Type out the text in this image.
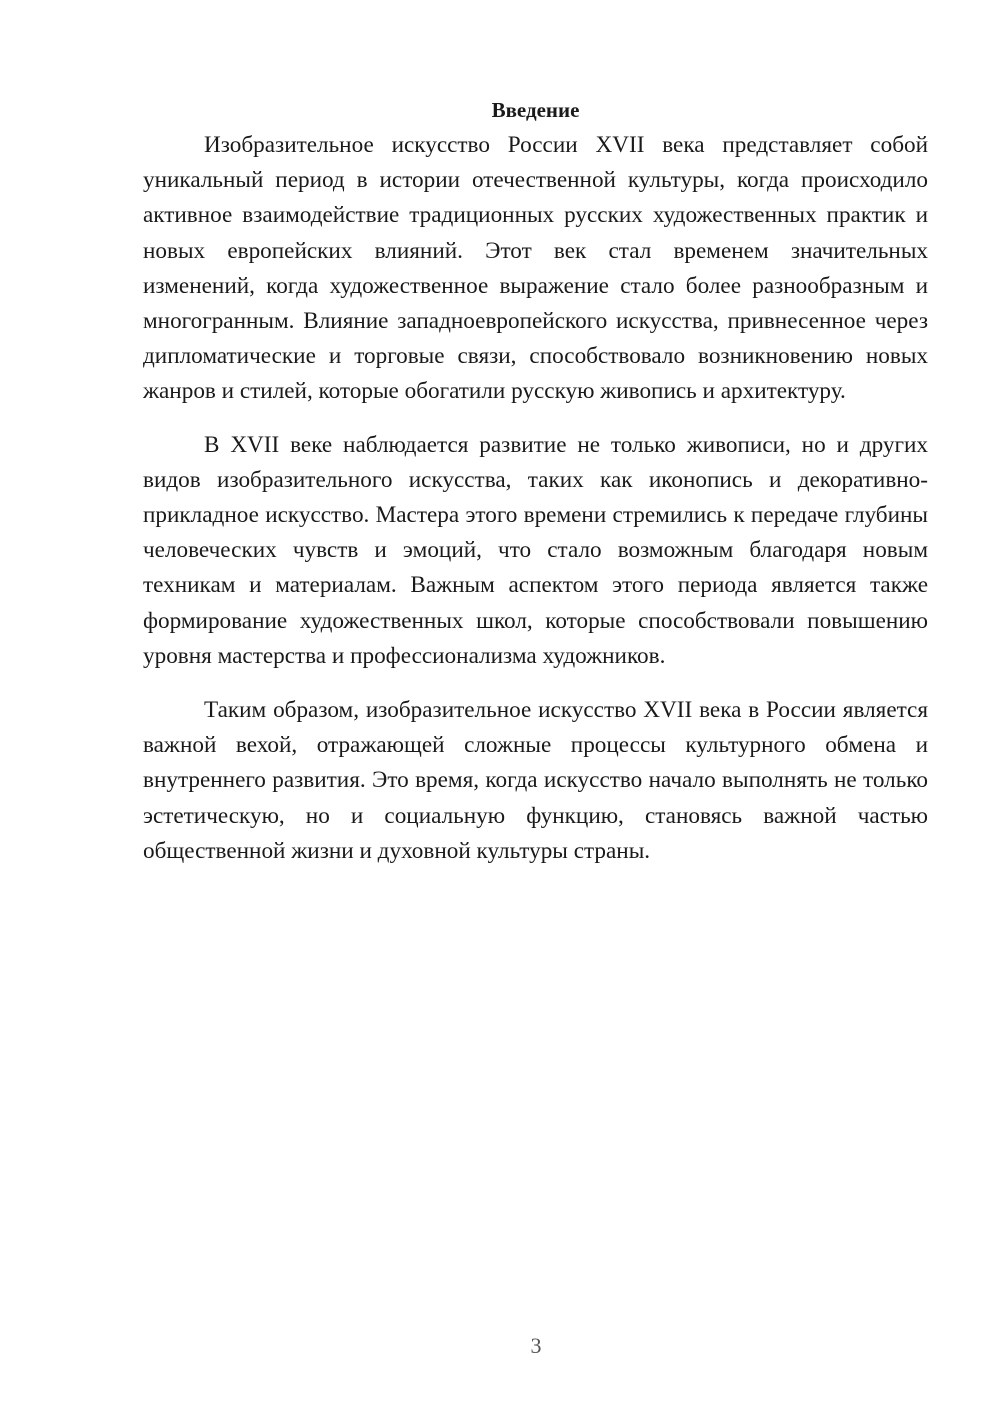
Введение

Изобразительное искусство России XVII века представляет собой уникальный период в истории отечественной культуры, когда происходило активное взаимодействие традиционных русских художественных практик и новых европейских влияний. Этот век стал временем значительных изменений, когда художественное выражение стало более разнообразным и многогранным. Влияние западноевропейского искусства, привнесенное через дипломатические и торговые связи, способствовало возникновению новых жанров и стилей, которые обогатили русскую живопись и архитектуру.

В XVII веке наблюдается развитие не только живописи, но и других видов изобразительного искусства, таких как иконопись и декоративно-прикладное искусство. Мастера этого времени стремились к передаче глубины человеческих чувств и эмоций, что стало возможным благодаря новым техникам и материалам. Важным аспектом этого периода является также формирование художественных школ, которые способствовали повышению уровня мастерства и профессионализма художников.

Таким образом, изобразительное искусство XVII века в России является важной вехой, отражающей сложные процессы культурного обмена и внутреннего развития. Это время, когда искусство начало выполнять не только эстетическую, но и социальную функцию, становясь важной частью общественной жизни и духовной культуры страны.

3
